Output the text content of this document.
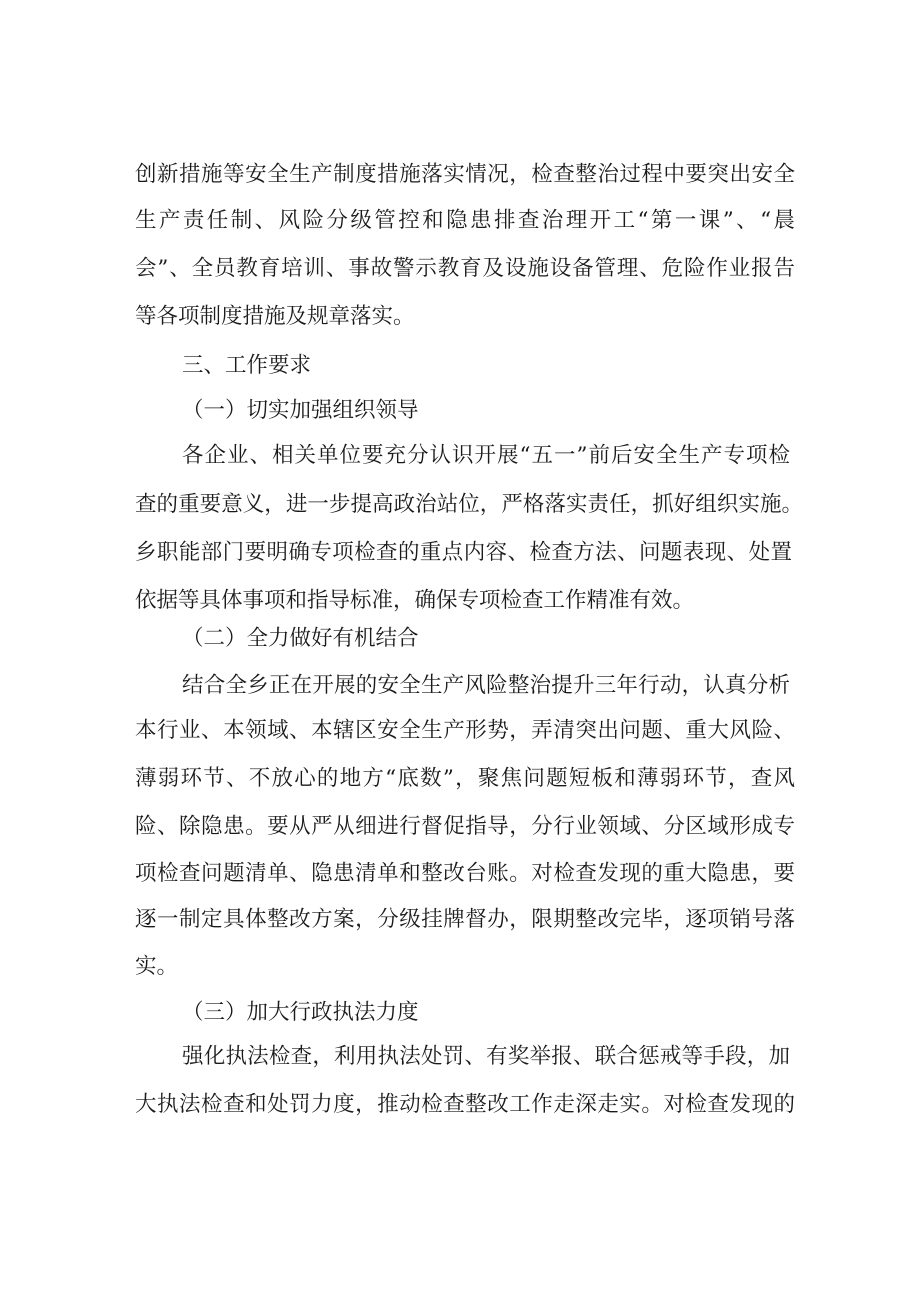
创新措施等安全生产制度措施落实情况，检查整治过程中要突出安全
生产责任制、风险分级管控和隐患排查治理开工“第一课”、“晨
会”、全员教育培训、事故警示教育及设施设备管理、危险作业报告
等各项制度措施及规章落实。
三、工作要求
（一）切实加强组织领导
各企业、相关单位要充分认识开展“五一”前后安全生产专项检
查的重要意义，进一步提高政治站位，严格落实责任，抓好组织实施。
乡职能部门要明确专项检查的重点内容、检查方法、问题表现、处置
依据等具体事项和指导标准，确保专项检查工作精准有效。
（二）全力做好有机结合
结合全乡正在开展的安全生产风险整治提升三年行动，认真分析
本行业、本领域、本辖区安全生产形势，弄清突出问题、重大风险、
薄弱环节、不放心的地方“底数”，聚焦问题短板和薄弱环节，查风
险、除隐患。要从严从细进行督促指导，分行业领域、分区域形成专
项检查问题清单、隐患清单和整改台账。对检查发现的重大隐患，要
逐一制定具体整改方案，分级挂牌督办，限期整改完毕，逐项销号落
实。
（三）加大行政执法力度
强化执法检查，利用执法处罚、有奖举报、联合惩戒等手段，加
大执法检查和处罚力度，推动检查整改工作走深走实。对检查发现的
